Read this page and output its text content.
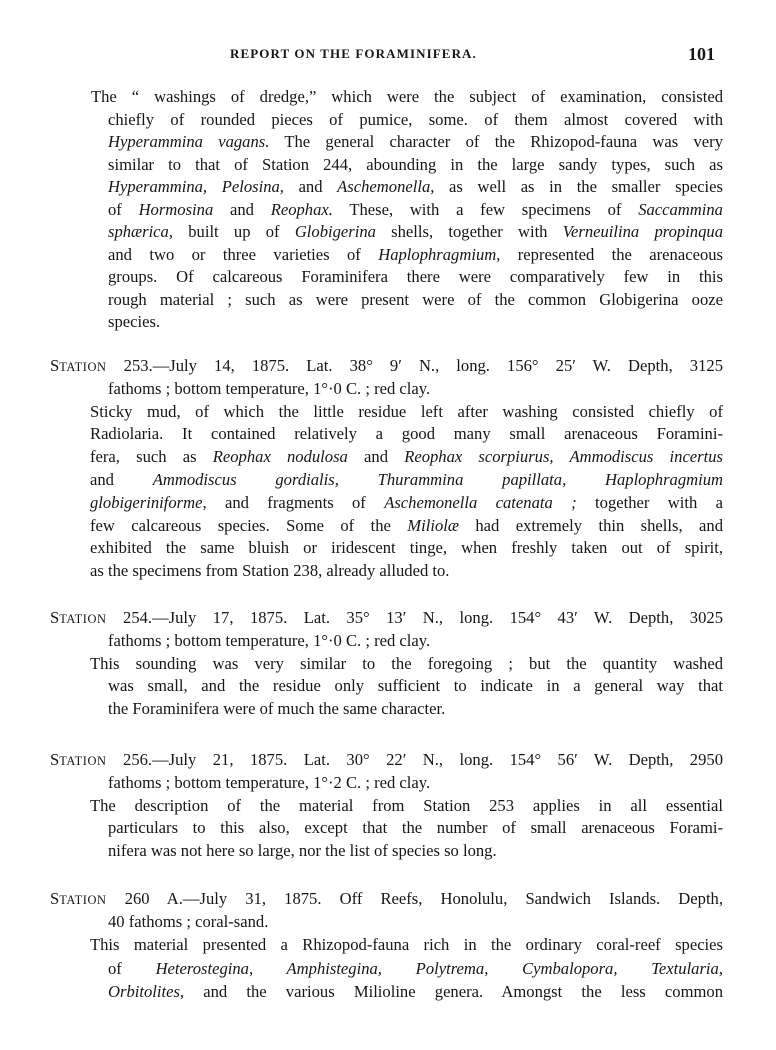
REPORT ON THE FORAMINIFERA.	101
The “ washings of dredge,” which were the subject of examination, consisted
chiefly of rounded pieces of pumice, some. of them almost covered with
Hyperammina vagans. The general character of the Rhizopod-fauna was very
similar to that of Station 244, abounding in the large sandy types, such as
Hyperammina, Pelosina, and Aschemonella, as well as in the smaller species
of Hormosina and Reophax. These, with a few specimens of Saccammina
sphærica, built up of Globigerina shells, together with Verneuilina propinqua
and two or three varieties of Haplophragmium, represented the arenaceous
groups. Of calcareous Foraminifera there were comparatively few in this
rough material ; such as were present were of the common Globigerina ooze
species.
STATION 253.—July 14, 1875. Lat. 38° 9′ N., long. 156° 25′ W. Depth, 3125
fathoms ; bottom temperature, 1°·0 C. ; red clay.
Sticky mud, of which the little residue left after washing consisted chiefly of
Radiolaria. It contained relatively a good many small arenaceous Foramini-
fera, such as Reophax nodulosa and Reophax scorpiurus, Ammodiscus incertus
and Ammodiscus gordialis, Thurammina papillata, Haplophragmium
globigeriniforme, and fragments of Aschemonella catenata ; together with a
few calcareous species. Some of the Miliolæ had extremely thin shells, and
exhibited the same bluish or iridescent tinge, when freshly taken out of spirit,
as the specimens from Station 238, already alluded to.
STATION 254.—July 17, 1875. Lat. 35° 13′ N., long. 154° 43′ W. Depth, 3025
fathoms ; bottom temperature, 1°·0 C. ; red clay.
This sounding was very similar to the foregoing ; but the quantity washed
was small, and the residue only sufficient to indicate in a general way that
the Foraminifera were of much the same character.
STATION 256.—July 21, 1875. Lat. 30° 22′ N., long. 154° 56′ W. Depth, 2950
fathoms ; bottom temperature, 1°·2 C. ; red clay.
The description of the material from Station 253 applies in all essential
particulars to this also, except that the number of small arenaceous Forami-
nifera was not here so large, nor the list of species so long.
STATION 260 A.—July 31, 1875. Off Reefs, Honolulu, Sandwich Islands. Depth,
40 fathoms ; coral-sand.
This material presented a Rhizopod-fauna rich in the ordinary coral-reef species
of Heterostegina, Amphistegina, Polytrema, Cymbalopora, Textularia,
Orbitolites, and the various Milioline genera. Amongst the less common
